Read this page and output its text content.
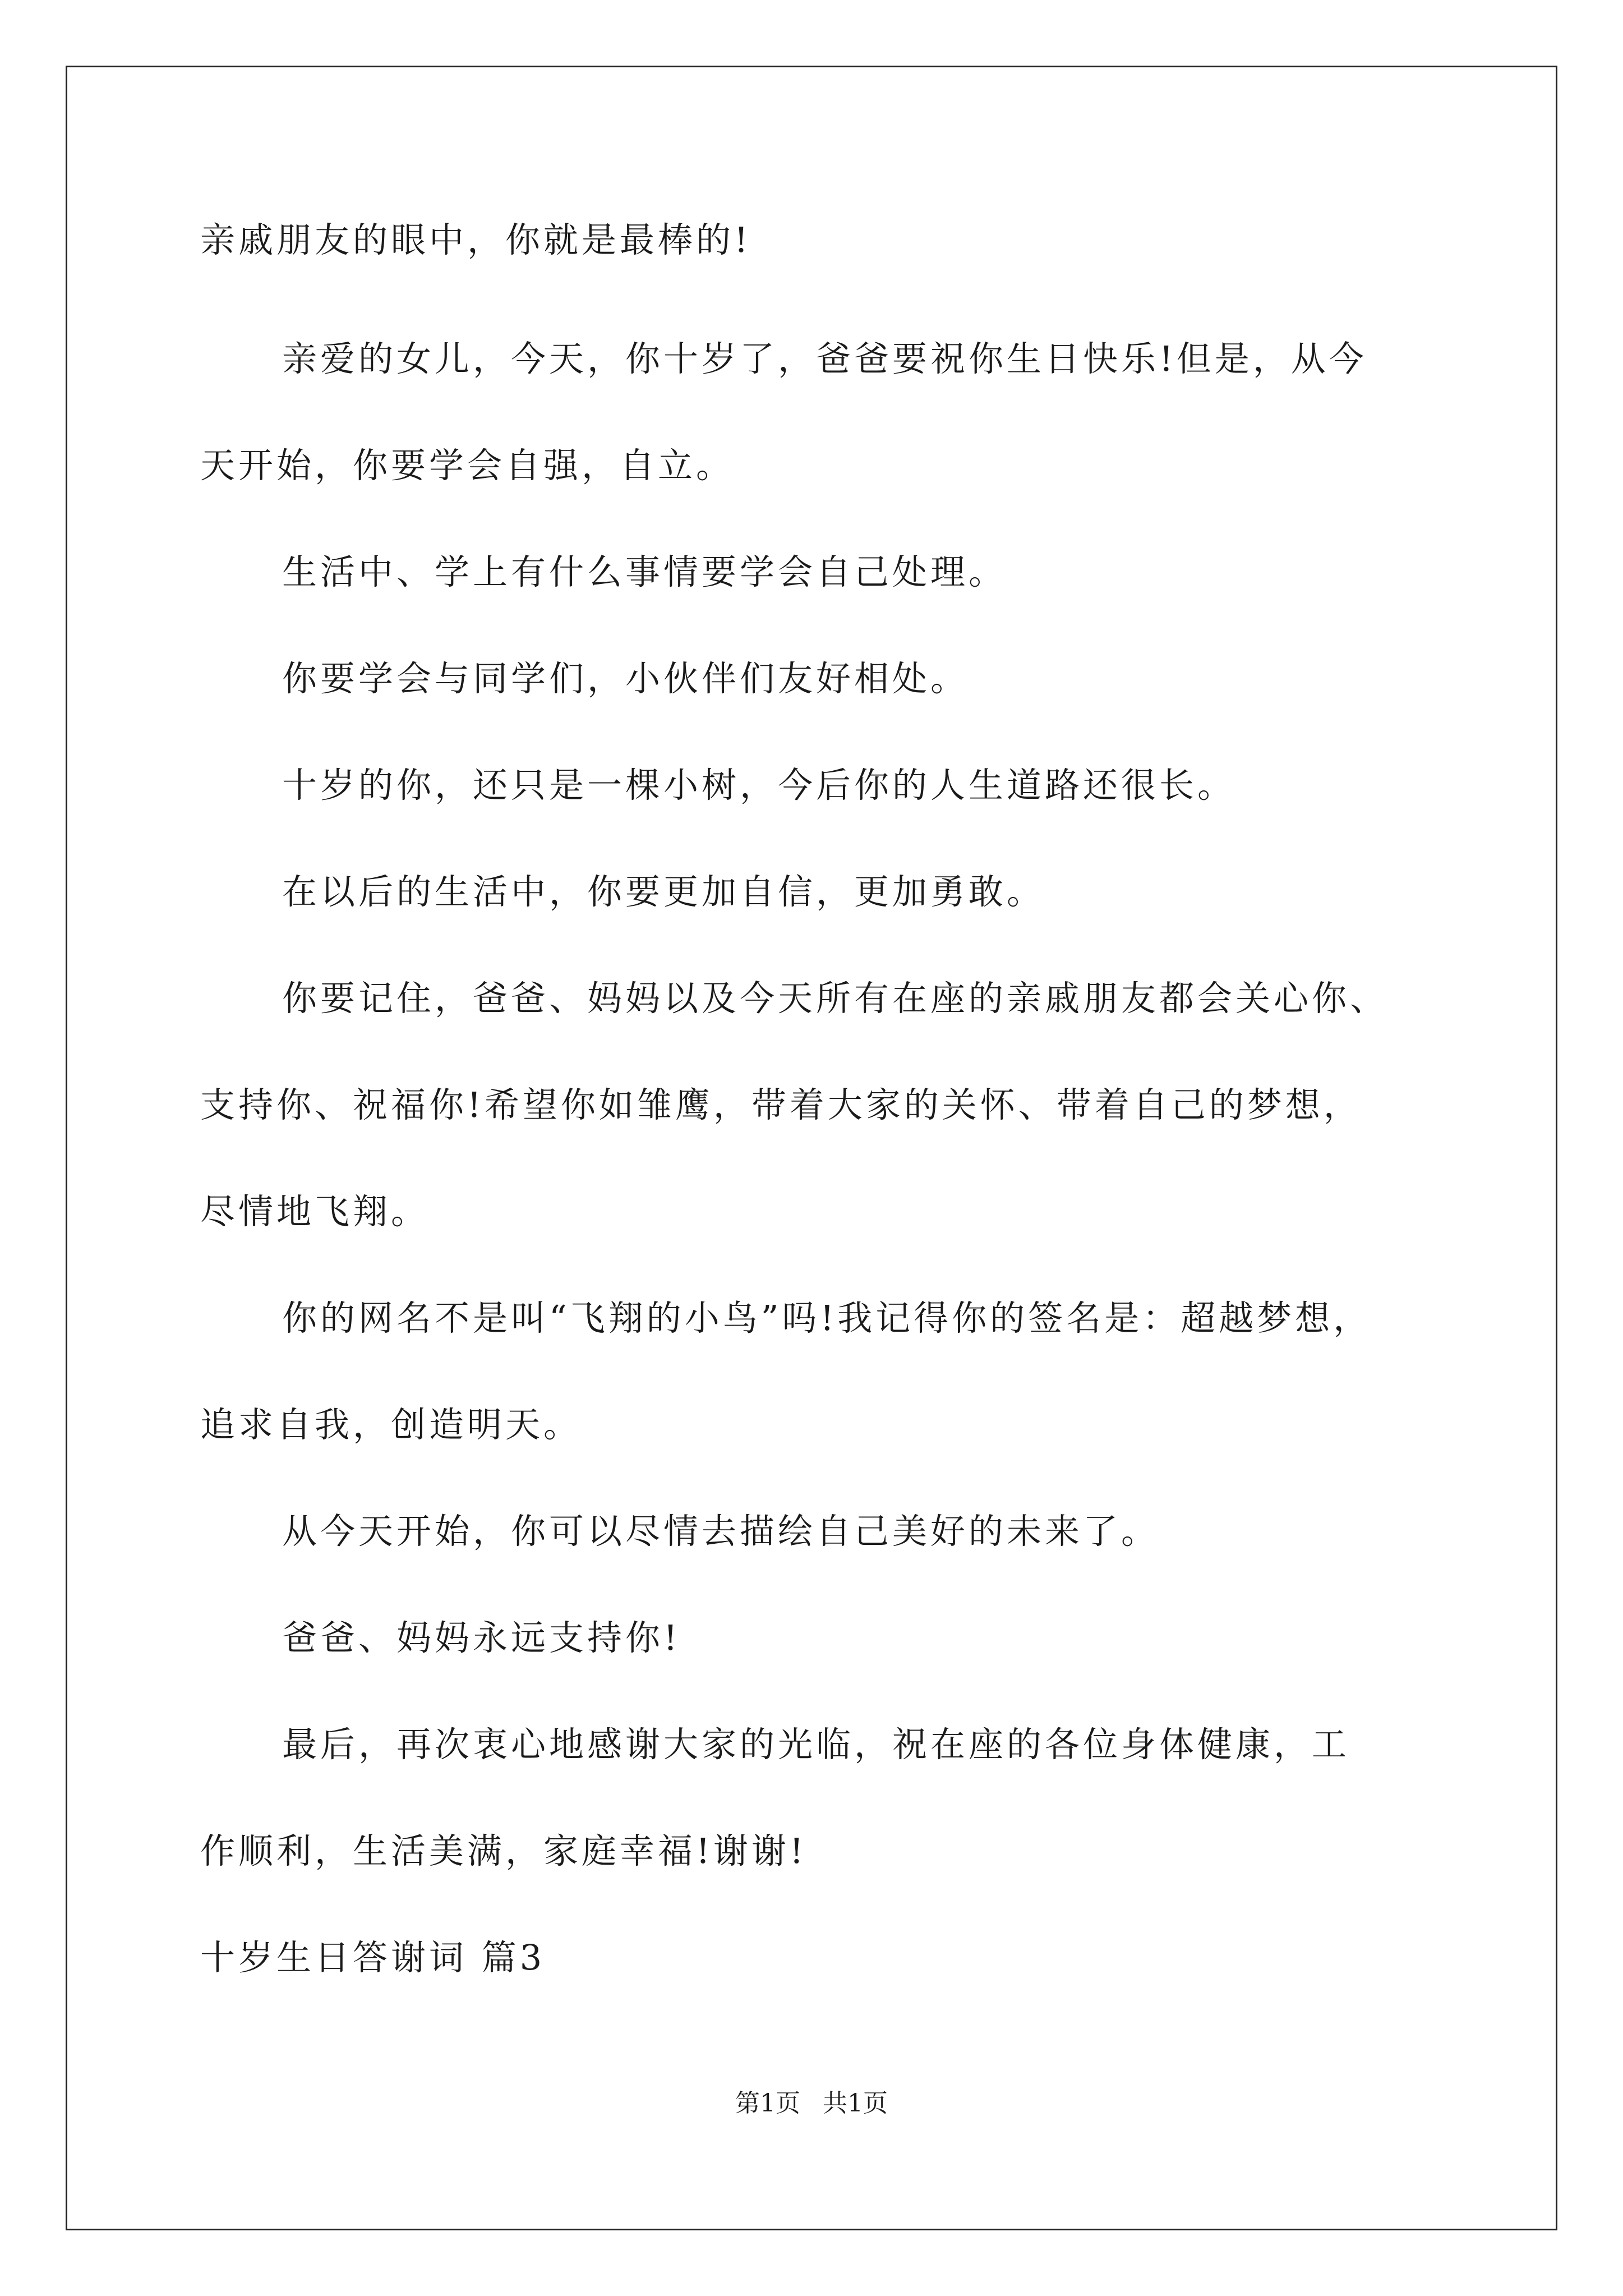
亲戚朋友的眼中，你就是最棒的!
亲爱的女儿，今天，你十岁了，爸爸要祝你生日快乐!但是，从今
天开始，你要学会自强，自立。
生活中、学上有什么事情要学会自己处理。
你要学会与同学们，小伙伴们友好相处。
十岁的你，还只是一棵小树，今后你的人生道路还很长。
在以后的生活中，你要更加自信，更加勇敢。
你要记住，爸爸、妈妈以及今天所有在座的亲戚朋友都会关心你、
支持你、祝福你!希望你如雏鹰，带着大家的关怀、带着自己的梦想，
尽情地飞翔。
你的网名不是叫“飞翔的小鸟”吗!我记得你的签名是：超越梦想，
追求自我，创造明天。
从今天开始，你可以尽情去描绘自己美好的未来了。
爸爸、妈妈永远支持你!
最后，再次衷心地感谢大家的光临，祝在座的各位身体健康，工
作顺利，生活美满，家庭幸福!谢谢!
十岁生日答谢词 篇3
第1页 共1页
